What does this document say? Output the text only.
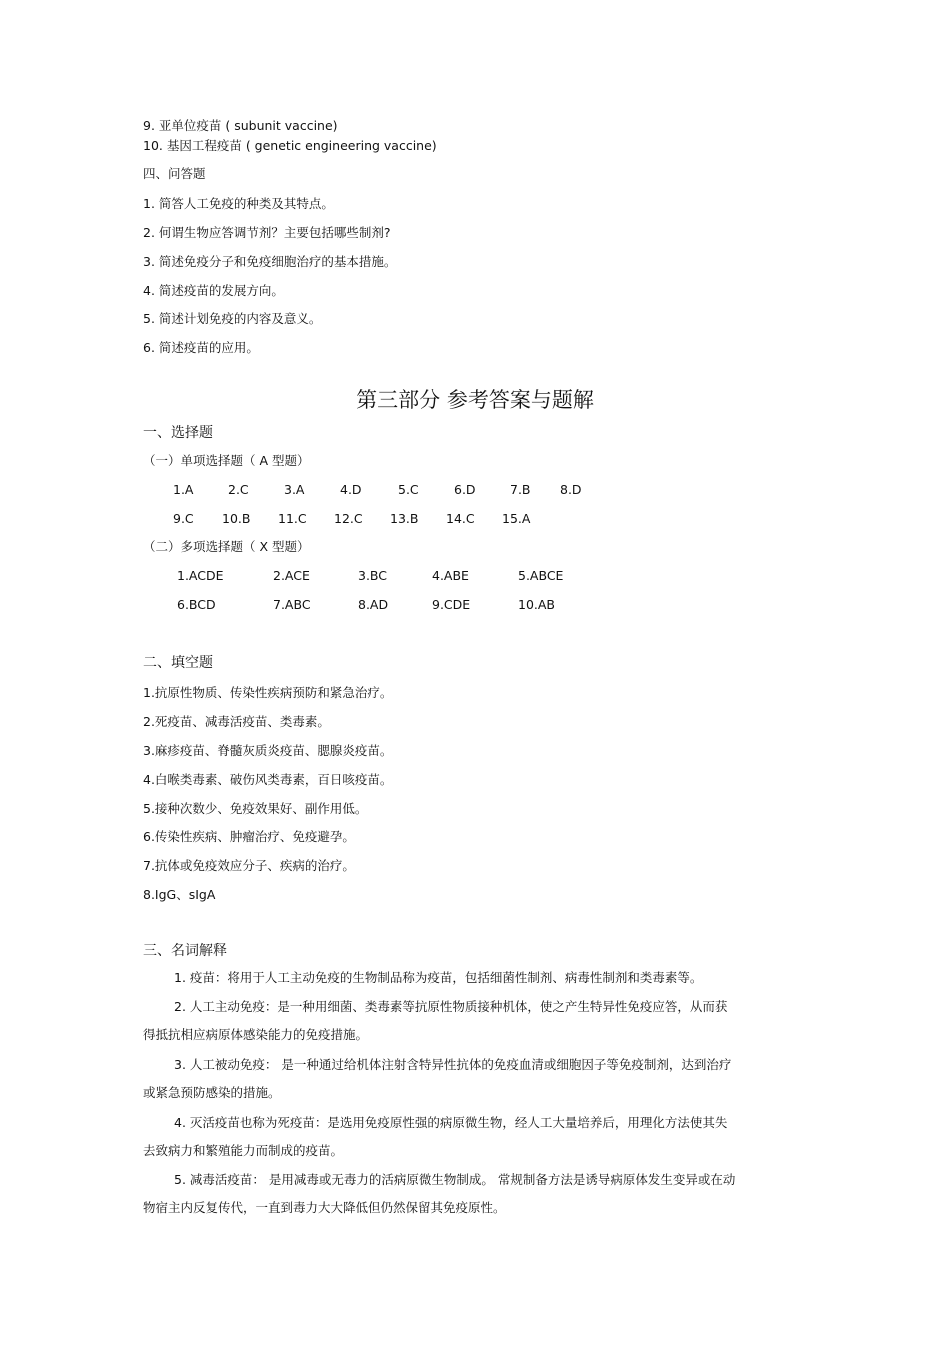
9. 亚单位疫苗 ( subunit vaccine)
10. 基因工程疫苗 ( genetic engineering vaccine)
四、问答题
1. 简答人工免疫的种类及其特点。
2. 何谓生物应答调节剂？主要包括哪些制剂?
3. 简述免疫分子和免疫细胞治疗的基本措施。
4. 简述疫苗的发展方向。
5. 简述计划免疫的内容及意义。
6. 简述疫苗的应用。
第三部分 参考答案与题解
一、选择题
（一）单项选择题（ A 型题）
1.A	2.C	3.A	4.D	5.C	6.D	7.B 8.D
9.C 10.B 11.C 12.C 13.B 14.C 15.A
（二）多项选择题（ X 型题）
1.ACDE	2.ACE	3.BC	4.ABE	5.ABCE
6.BCD	7.ABC	8.AD	9.CDE	10.AB
二、填空题
1.抗原性物质、传染性疾病预防和紧急治疗。
2.死疫苗、减毒活疫苗、类毒素。
3.麻疹疫苗、脊髓灰质炎疫苗、腮腺炎疫苗。
4.白喉类毒素、破伤风类毒素，百日咳疫苗。
5.接种次数少、免疫效果好、副作用低。
6.传染性疾病、肿瘤治疗、免疫避孕。
7.抗体或免疫效应分子、疾病的治疗。
8.IgG、sIgA
三、名词解释
1. 疫苗：将用于人工主动免疫的生物制品称为疫苗，包括细菌性制剂、病毒性制剂和类毒素等。
2. 人工主动免疫：是一种用细菌、类毒素等抗原性物质接种机体，使之产生特异性免疫应答，从而获
得抵抗相应病原体感染能力的免疫措施。
3. 人工被动免疫： 是一种通过给机体注射含特异性抗体的免疫血清或细胞因子等免疫制剂，达到治疗
或紧急预防感染的措施。
4. 灭活疫苗也称为死疫苗：是选用免疫原性强的病原微生物，经人工大量培养后，用理化方法使其失
去致病力和繁殖能力而制成的疫苗。
5. 减毒活疫苗： 是用减毒或无毒力的活病原微生物制成。 常规制备方法是诱导病原体发生变异或在动
物宿主内反复传代，一直到毒力大大降低但仍然保留其免疫原性。
